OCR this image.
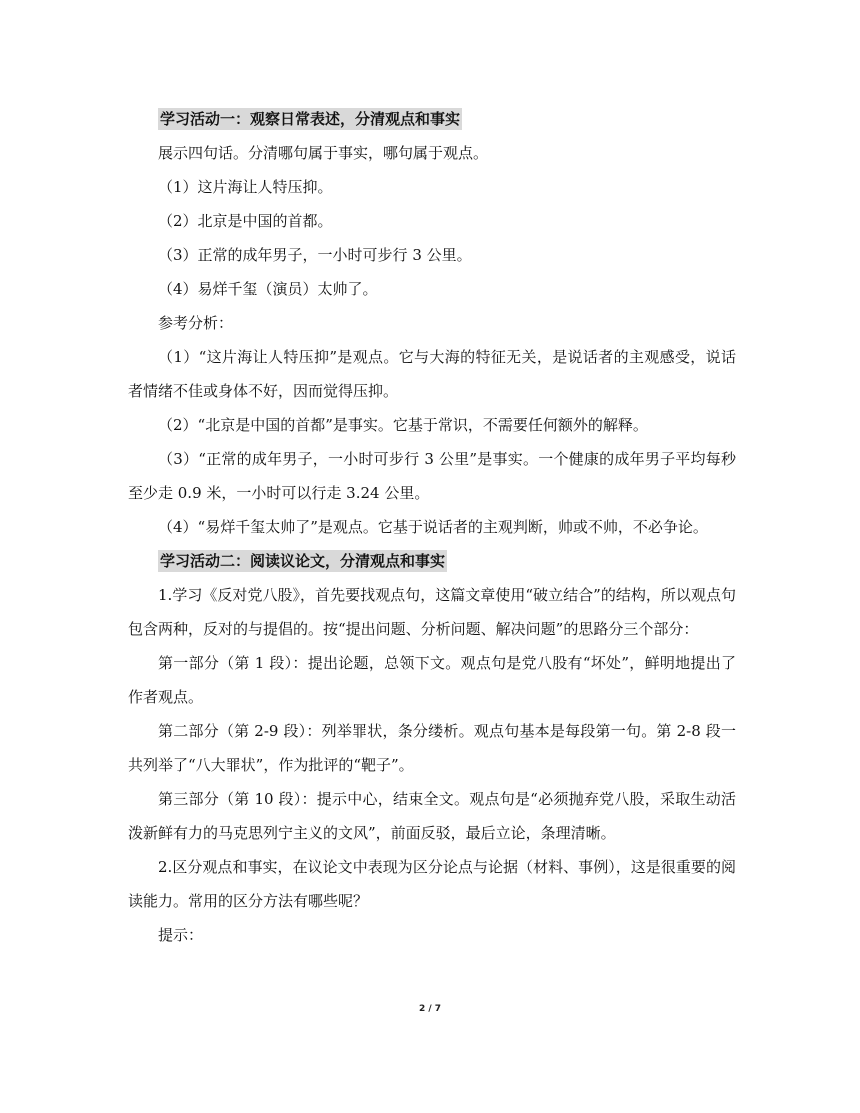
学习活动一：观察日常表述，分清观点和事实
展示四句话。分清哪句属于事实，哪句属于观点。
（1）这片海让人特压抑。
（2）北京是中国的首都。
（3）正常的成年男子，一小时可步行 3 公里。
（4）易烊千玺（演员）太帅了。
参考分析：
（1）“这片海让人特压抑”是观点。它与大海的特征无关，是说话者的主观感受，说话者情绪不佳或身体不好，因而觉得压抑。
（2）“北京是中国的首都”是事实。它基于常识，不需要任何额外的解释。
（3）“正常的成年男子，一小时可步行 3 公里”是事实。一个健康的成年男子平均每秒至少走 0.9 米，一小时可以行走 3.24 公里。
（4）“易烊千玺太帅了”是观点。它基于说话者的主观判断，帅或不帅，不必争论。
学习活动二：阅读议论文，分清观点和事实
1.学习《反对党八股》，首先要找观点句，这篇文章使用“破立结合”的结构，所以观点句包含两种，反对的与提倡的。按“提出问题、分析问题、解决问题”的思路分三个部分：
第一部分（第 1 段）：提出论题，总领下文。观点句是党八股有“坏处”，鲜明地提出了作者观点。
第二部分（第 2-9 段）：列举罪状，条分缕析。观点句基本是每段第一句。第 2-8 段一共列举了“八大罪状”，作为批评的“靶子”。
第三部分（第 10 段）：提示中心，结束全文。观点句是“必须抛弃党八股，采取生动活泼新鲜有力的马克思列宁主义的文风”，前面反驳，最后立论，条理清晰。
2.区分观点和事实，在议论文中表现为区分论点与论据（材料、事例），这是很重要的阅读能力。常用的区分方法有哪些呢？
提示：
2 / 7
